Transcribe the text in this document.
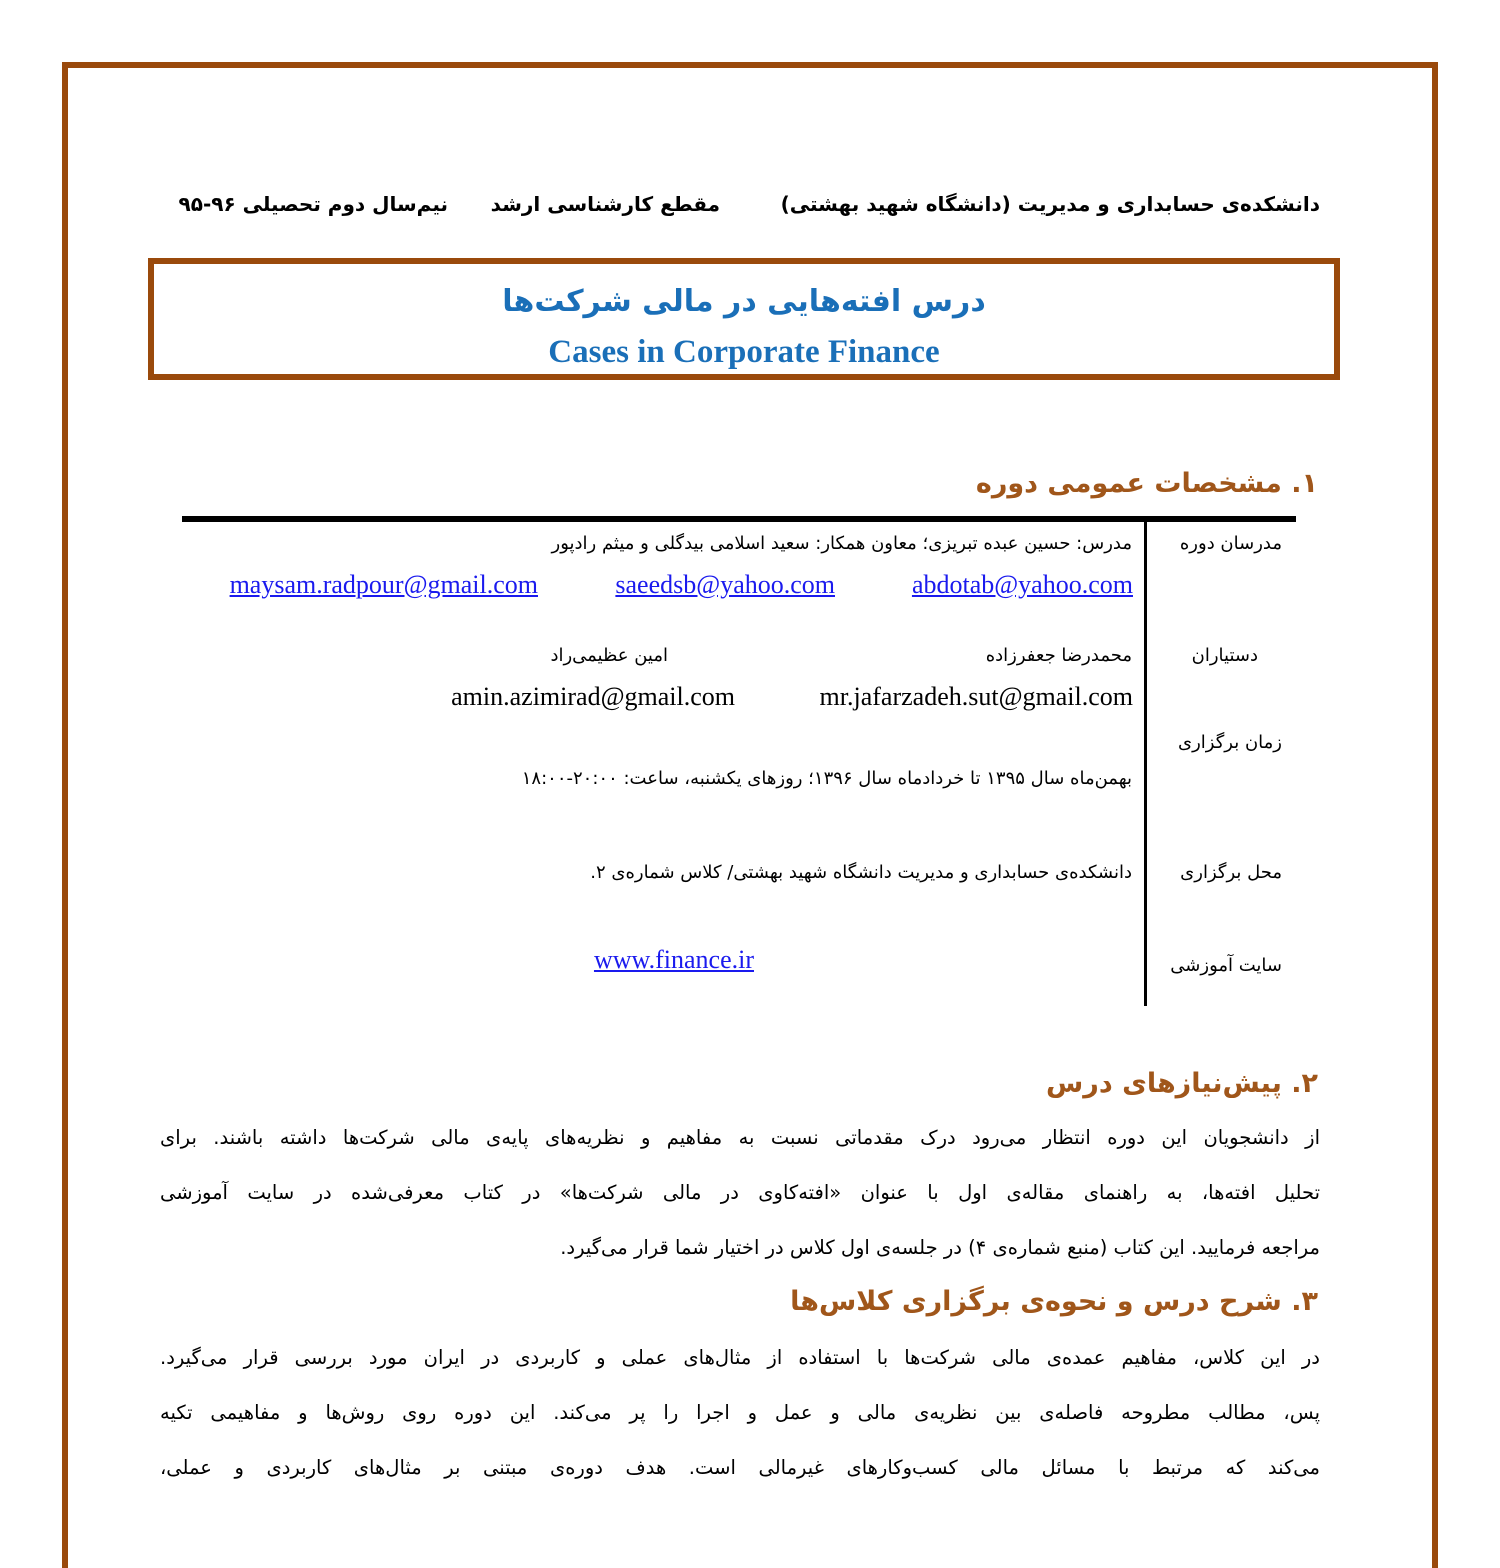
دانشکده‌ی حسابداری و مدیریت (دانشگاه شهید بهشتی)
مقطع کارشناسی ارشد
نیم‌سال دوم تحصیلی ۹۶-۹۵
درس افته‌هایی در مالی شرکت‌ها
Cases in Corporate Finance
۱. مشخصات عمومی دوره
مدرسان دوره
مدرس: حسین عبده تبریزی؛ معاون همکار: سعید اسلامی بیدگلی و میثم رادپور
abdotab@yahoo.com
saeedsb@yahoo.com
maysam.radpour@gmail.com
دستیاران
محمدرضا جعفرزاده
امین عظیمی‌راد
mr.jafarzadeh.sut@gmail.com
amin.azimirad@gmail.com
زمان برگزاری
بهمن‌ماه سال ۱۳۹۵ تا خردادماه سال ۱۳۹۶؛ روزهای یکشنبه، ساعت: ۲۰:۰۰-۱۸:۰۰
محل برگزاری
دانشکده‌ی حسابداری و مدیریت دانشگاه شهید بهشتی/ کلاس شماره‌ی ۲.
سایت آموزشی
www.finance.ir
۲. پیش‌نیازهای درس
از دانشجویان این دوره انتظار می‌رود درک مقدماتی نسبت به مفاهیم و نظریه‌های پایه‌ی مالی شرکت‌ها داشته باشند. برای
تحلیل افته‌ها، به راهنمای مقاله‌ی اول با عنوان «افته‌کاوی در مالی شرکت‌ها» در کتاب معرفی‌شده در سایت آموزشی
مراجعه فرمایید. این کتاب (منبع شماره‌ی ۴) در جلسه‌ی اول کلاس در اختیار شما قرار می‌گیرد.
۳. شرح درس و نحوه‌ی برگزاری کلاس‌ها
در این کلاس، مفاهیم عمده‌ی مالی شرکت‌ها با استفاده از مثال‌های عملی و کاربردی در ایران مورد بررسی قرار می‌گیرد.
پس، مطالب مطروحه فاصله‌ی بین نظریه‌ی مالی و عمل و اجرا را پر می‌کند. این دوره روی روش‌ها و مفاهیمی تکیه
می‌کند که مرتبط با مسائل مالی کسب‌وکارهای غیرمالی است. هدف دوره‌ی مبتنی بر مثال‌های کاربردی و عملی،
